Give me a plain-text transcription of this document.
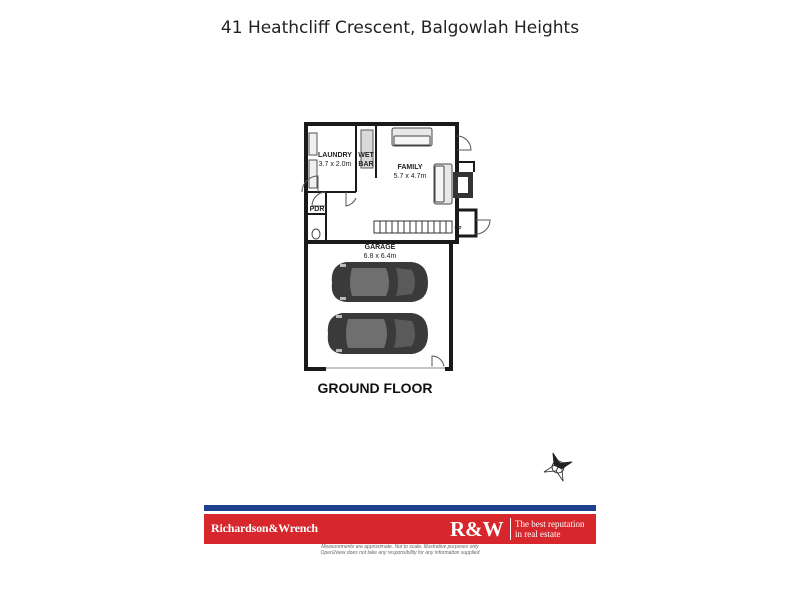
41 Heathcliff Crescent, Balgowlah Heights
LAUNDRY
3.7 x 2.0m
WET BAR	FAMILY
5.7 x 4.7m
PDR
UP
GARAGE
6.8 x 6.4m
GROUND FLOOR
Richardson&Wrench	R&W The best reputation
in real estate
Measurements are approximate. Not to scale. Illustrative purposes only
Open2view does not take any responsibility for any information supplied
